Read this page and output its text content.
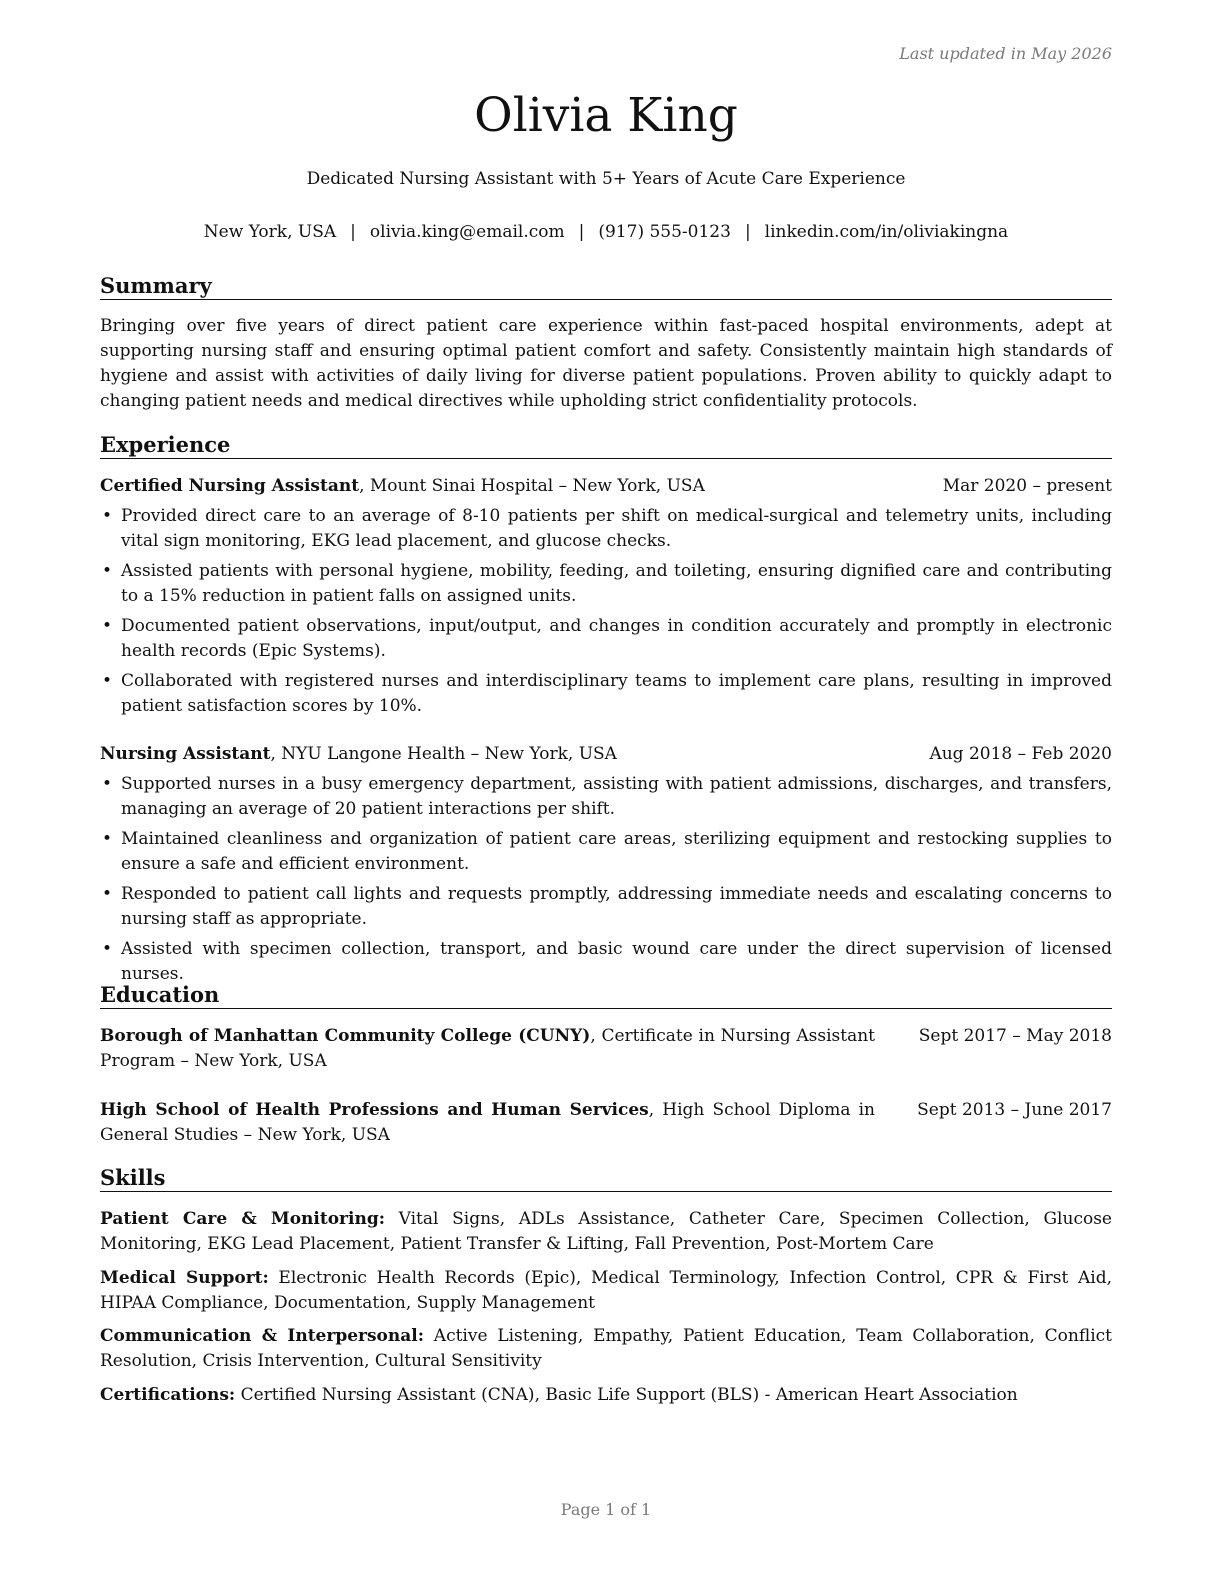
Last updated in May 2026
Olivia King
Dedicated Nursing Assistant with 5+ Years of Acute Care Experience
New York, USA | olivia.king@email.com | (917) 555-0123 | linkedin.com/in/oliviakingna
Summary
Bringing over five years of direct patient care experience within fast-paced hospital environments, adept at supporting nursing staff and ensuring optimal patient comfort and safety. Consistently maintain high standards of hygiene and assist with activities of daily living for diverse patient populations. Proven ability to quickly adapt to changing patient needs and medical directives while upholding strict confidentiality protocols.
Experience
Certified Nursing Assistant, Mount Sinai Hospital – New York, USA	Mar 2020 – present
• Provided direct care to an average of 8-10 patients per shift on medical-surgical and telemetry units, including vital sign monitoring, EKG lead placement, and glucose checks.
• Assisted patients with personal hygiene, mobility, feeding, and toileting, ensuring dignified care and contributing to a 15% reduction in patient falls on assigned units.
• Documented patient observations, input/output, and changes in condition accurately and promptly in electronic health records (Epic Systems).
• Collaborated with registered nurses and interdisciplinary teams to implement care plans, resulting in improved patient satisfaction scores by 10%.
Nursing Assistant, NYU Langone Health – New York, USA	Aug 2018 – Feb 2020
• Supported nurses in a busy emergency department, assisting with patient admissions, discharges, and transfers, managing an average of 20 patient interactions per shift.
• Maintained cleanliness and organization of patient care areas, sterilizing equipment and restocking supplies to ensure a safe and efficient environment.
• Responded to patient call lights and requests promptly, addressing immediate needs and escalating concerns to nursing staff as appropriate.
• Assisted with specimen collection, transport, and basic wound care under the direct supervision of licensed nurses.
Education
Borough of Manhattan Community College (CUNY), Certificate in Nursing Assistant Program – New York, USA
Sept 2017 – May 2018
High School of Health Professions and Human Services, High School Diploma in General Studies – New York, USA
Sept 2013 – June 2017
Skills
Patient Care & Monitoring: Vital Signs, ADLs Assistance, Catheter Care, Specimen Collection, Glucose Monitoring, EKG Lead Placement, Patient Transfer & Lifting, Fall Prevention, Post-Mortem Care
Medical Support: Electronic Health Records (Epic), Medical Terminology, Infection Control, CPR & First Aid, HIPAA Compliance, Documentation, Supply Management
Communication & Interpersonal: Active Listening, Empathy, Patient Education, Team Collaboration, Conflict Resolution, Crisis Intervention, Cultural Sensitivity
Certifications: Certified Nursing Assistant (CNA), Basic Life Support (BLS) - American Heart Association
Page 1 of 1
